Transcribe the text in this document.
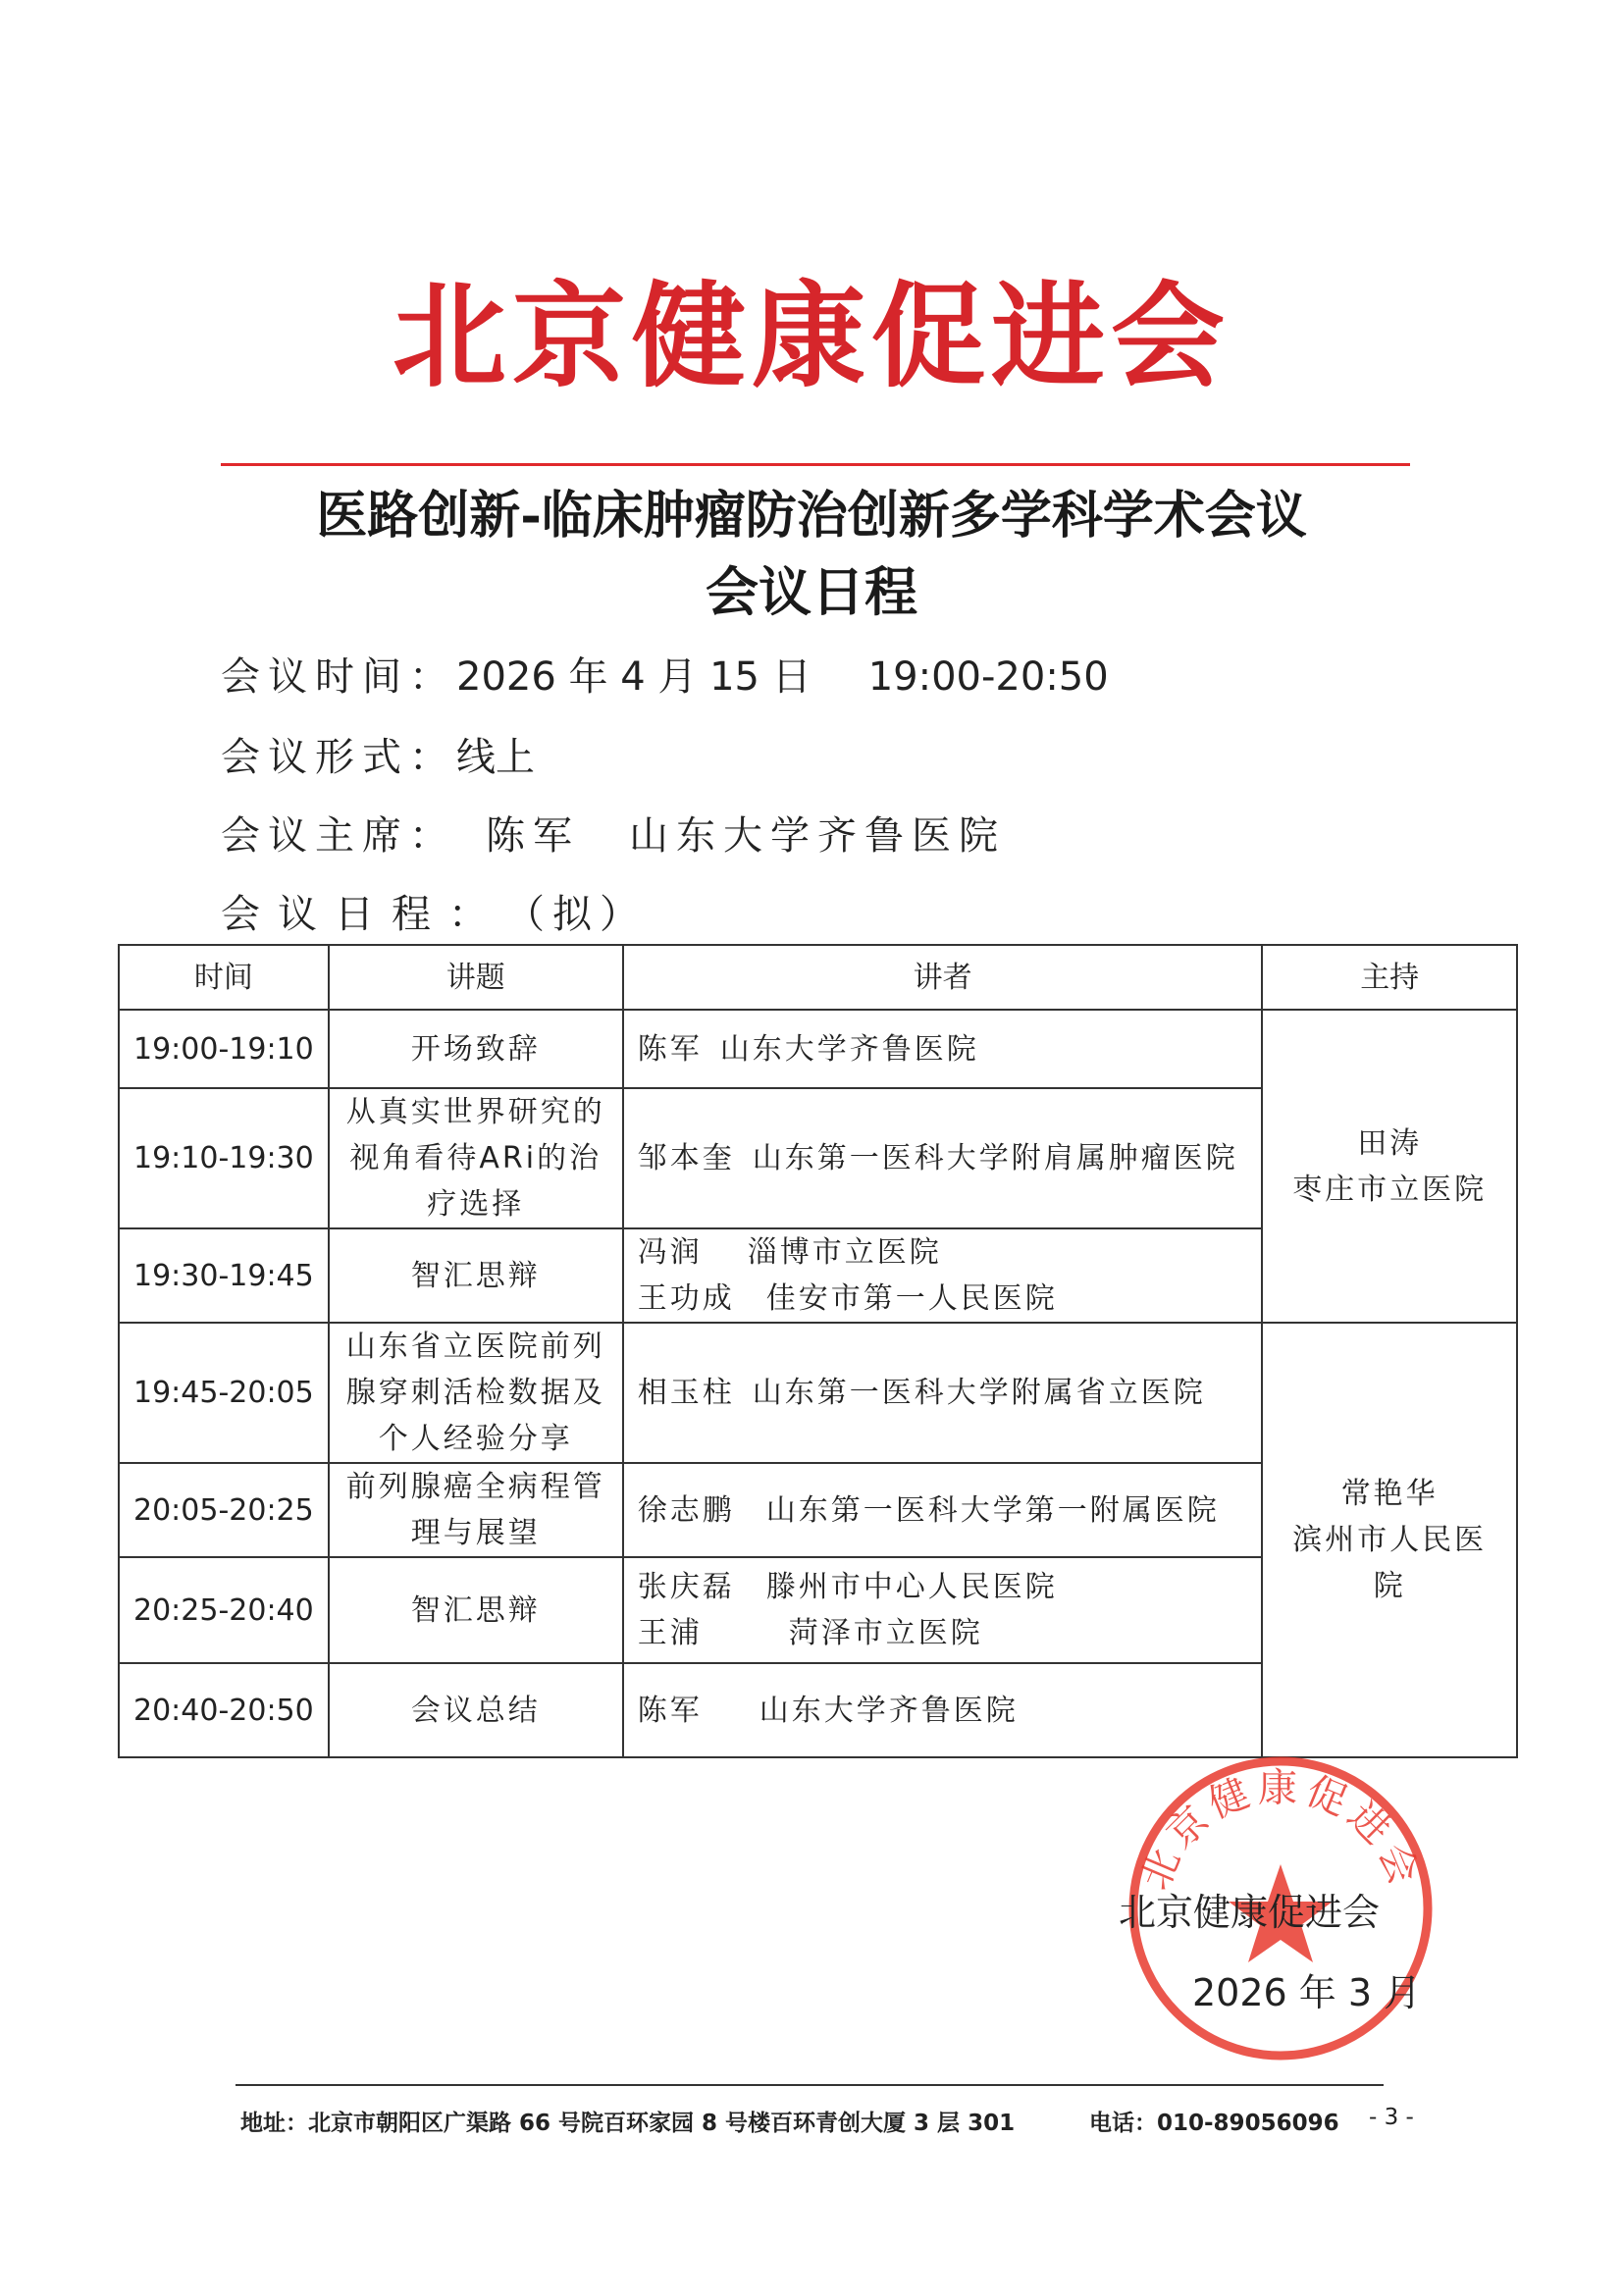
北京健康促进会
医路创新-临床肿瘤防治创新多学科学术会议
会议日程
会议时间：2026 年 4 月 15 日 19:00-20:50
会议形式：线上
会议主席： 陈军 山东大学齐鲁医院
会议日程：（拟）
时间	讲题	讲者	主持
19:00-19:10	开场致辞	陈军 山东大学齐鲁医院	田涛
枣庄市立医院

19:10-19:30	从真实世界研究的视角看待ARi的治疗选择	邹本奎 山东第一医科大学附肩属肿瘤医院	
19:30-19:45	智汇思辩	冯润 淄博市立医院
王功成 佳安市第一人民医院	

19:45-20:05	山东省立医院前列腺穿刺活检数据及个人经验分享	相玉柱 山东第一医科大学附属省立医院	常艳华
滨州市人民医院

20:05-20:25	前列腺癌全病程管理与展望	徐志鹏 山东第一医科大学第一附属医院	
20:25-20:40	智汇思辩	张庆磊 滕州市中心人民医院
王浦 菏泽市立医院	

20:40-20:50	会议总结	陈军 山东大学齐鲁医院	
北京健康促进会
北京健康促进会
2026 年 3 月
地址：北京市朝阳区广渠路 66 号院百环家园 8 号楼百环青创大厦 3 层 301	电话：010-89056096 - 3 -
